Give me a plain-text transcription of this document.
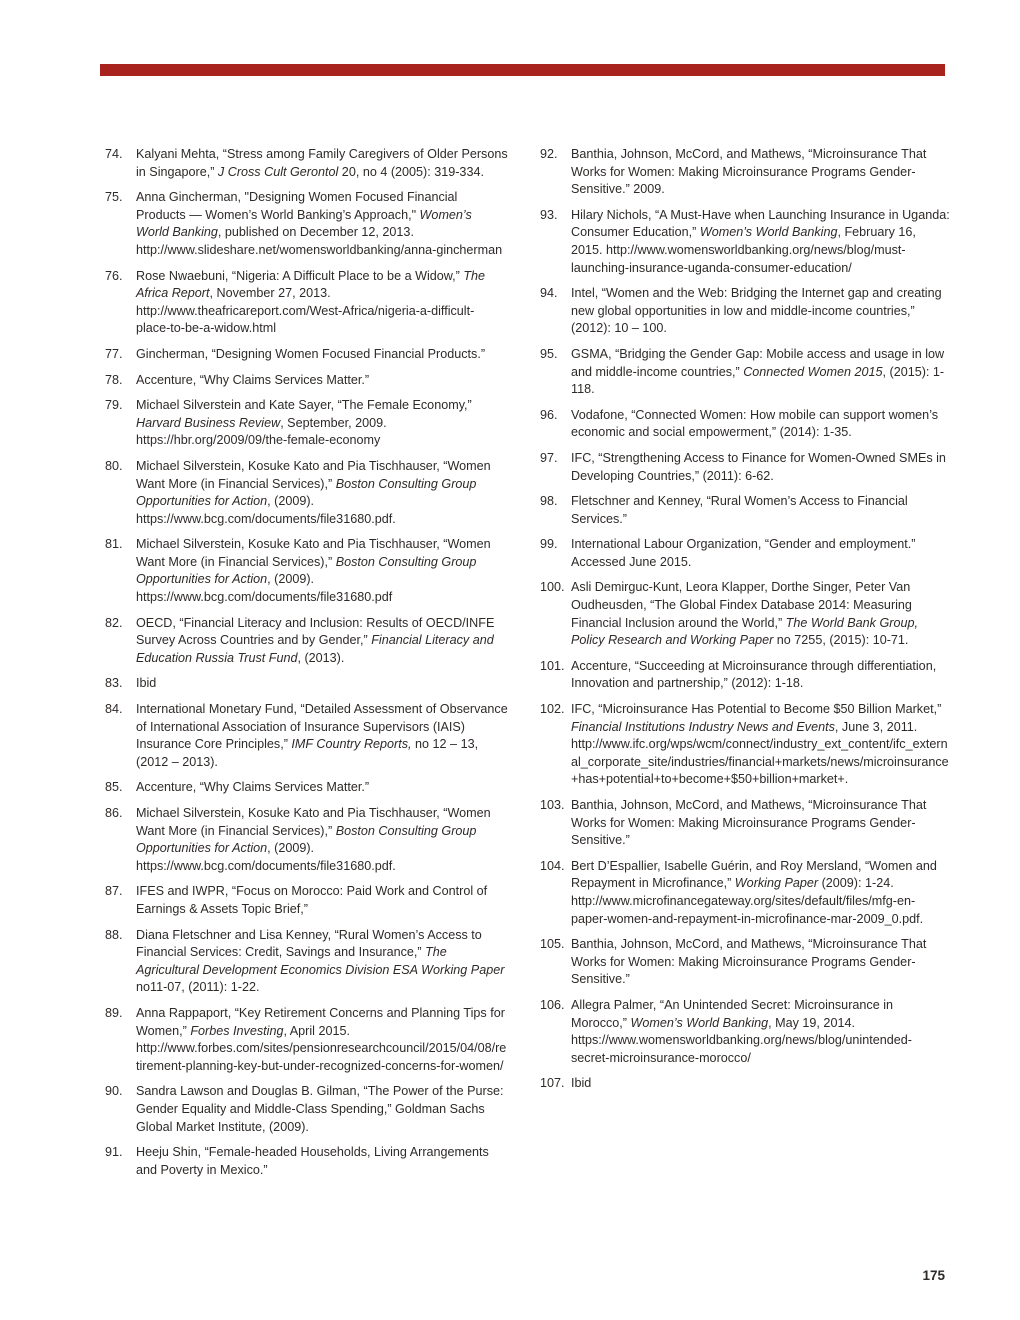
74.	Kalyani Mehta, “Stress among Family Caregivers of Older Persons in Singapore,” J Cross Cult Gerontol 20, no 4 (2005): 319-334.
75.	Anna Gincherman, "Designing Women Focused Financial Products — Women’s World Banking’s Approach," Women’s World Banking, published on December 12, 2013. http://www.slideshare.net/womensworldbanking/anna-gincherman
76.	Rose Nwaebuni, “Nigeria: A Difficult Place to be a Widow,” The Africa Report, November 27, 2013. http://www.theafricareport.com/West-Africa/nigeria-a-difficult-place-to-be-a-widow.html
77.	Gincherman, “Designing Women Focused Financial Products.”
78.	Accenture, “Why Claims Services Matter.”
79.	Michael Silverstein and Kate Sayer, “The Female Economy,” Harvard Business Review, September, 2009. https://hbr.org/2009/09/the-female-economy
80.	Michael Silverstein, Kosuke Kato and Pia Tischhauser, “Women Want More (in Financial Services),” Boston Consulting Group Opportunities for Action, (2009). https://www.bcg.com/documents/file31680.pdf.
81.	Michael Silverstein, Kosuke Kato and Pia Tischhauser, “Women Want More (in Financial Services),” Boston Consulting Group Opportunities for Action, (2009). https://www.bcg.com/documents/file31680.pdf
82.	OECD, “Financial Literacy and Inclusion: Results of OECD/INFE Survey Across Countries and by Gender,” Financial Literacy and Education Russia Trust Fund, (2013).
83.	Ibid
84.	International Monetary Fund, “Detailed Assessment of Observance of International Association of Insurance Supervisors (IAIS) Insurance Core Principles,” IMF Country Reports, no 12 – 13, (2012 – 2013).
85.	Accenture, “Why Claims Services Matter.”
86.	Michael Silverstein, Kosuke Kato and Pia Tischhauser, “Women Want More (in Financial Services),” Boston Consulting Group Opportunities for Action, (2009). https://www.bcg.com/documents/file31680.pdf.
87.	IFES and IWPR, “Focus on Morocco: Paid Work and Control of Earnings & Assets Topic Brief,”
88.	Diana Fletschner and Lisa Kenney, “Rural Women’s Access to Financial Services: Credit, Savings and Insurance,” The Agricultural Development Economics Division ESA Working Paper no11-07, (2011): 1-22.
89.	Anna Rappaport, “Key Retirement Concerns and Planning Tips for Women,” Forbes Investing, April 2015. http://www.forbes.com/sites/pensionresearchcouncil/2015/04/08/retirement-planning-key-but-under-recognized-concerns-for-women/
90.	Sandra Lawson and Douglas B. Gilman, “The Power of the Purse: Gender Equality and Middle-Class Spending,” Goldman Sachs Global Market Institute, (2009).
91.	Heeju Shin, “Female-headed Households, Living Arrangements and Poverty in Mexico.”
92.	Banthia, Johnson, McCord, and Mathews, “Microinsurance That Works for Women: Making Microinsurance Programs Gender-Sensitive.” 2009.
93.	Hilary Nichols, “A Must-Have when Launching Insurance in Uganda: Consumer Education,” Women’s World Banking, February 16, 2015. http://www.womensworldbanking.org/news/blog/must-launching-insurance-uganda-consumer-education/
94.	Intel, “Women and the Web: Bridging the Internet gap and creating new global opportunities in low and middle-income countries,” (2012): 10 – 100.
95.	GSMA, “Bridging the Gender Gap: Mobile access and usage in low and middle-income countries,” Connected Women 2015, (2015): 1-118.
96.	Vodafone, “Connected Women: How mobile can support women’s economic and social empowerment,” (2014): 1-35.
97.	IFC, “Strengthening Access to Finance for Women-Owned SMEs in Developing Countries,” (2011): 6-62.
98.	Fletschner and Kenney, “Rural Women’s Access to Financial Services.”
99.	International Labour Organization, “Gender and employment.” Accessed June 2015.
100. Asli Demirguc-Kunt, Leora Klapper, Dorthe Singer, Peter Van Oudheusden, “The Global Findex Database 2014: Measuring Financial Inclusion around the World,” The World Bank Group, Policy Research and Working Paper no 7255, (2015): 10-71.
101. Accenture, “Succeeding at Microinsurance through differentiation, Innovation and partnership,” (2012): 1-18.
102. IFC, “Microinsurance Has Potential to Become $50 Billion Market,” Financial Institutions Industry News and Events, June 3, 2011. http://www.ifc.org/wps/wcm/connect/industry_ext_content/ifc_external_corporate_site/industries/financial+markets/news/microinsurance+has+potential+to+become+$50+billion+market+.
103. Banthia, Johnson, McCord, and Mathews, “Microinsurance That Works for Women: Making Microinsurance Programs Gender-Sensitive.”
104. Bert D’Espallier, Isabelle Guérin, and Roy Mersland, “Women and Repayment in Microfinance,” Working Paper (2009): 1-24. http://www.microfinancegateway.org/sites/default/files/mfg-en-paper-women-and-repayment-in-microfinance-mar-2009_0.pdf.
105. Banthia, Johnson, McCord, and Mathews, “Microinsurance That Works for Women: Making Microinsurance Programs Gender-Sensitive.”
106. Allegra Palmer, “An Unintended Secret: Microinsurance in Morocco,” Women’s World Banking, May 19, 2014. https://www.womensworldbanking.org/news/blog/unintended-secret-microinsurance-morocco/
107. Ibid
175
